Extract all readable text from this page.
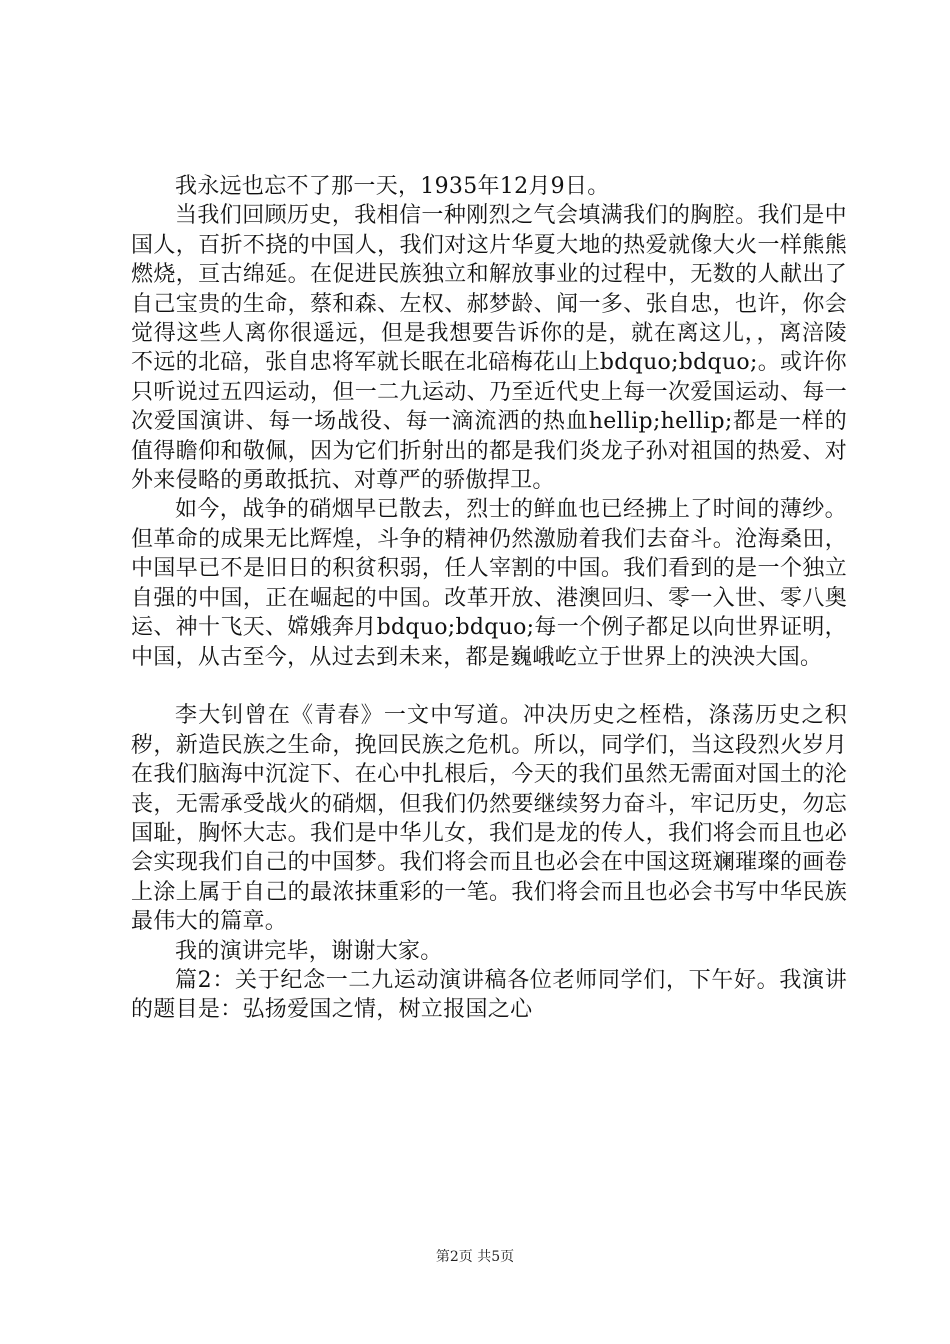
我永远也忘不了那一天，1935年12月9日。

当我们回顾历史，我相信一种刚烈之气会填满我们的胸腔。我们是中国人，百折不挠的中国人，我们对这片华夏大地的热爱就像大火一样熊熊燃烧，亘古绵延。在促进民族独立和解放事业的过程中，无数的人献出了自己宝贵的生命，蔡和森、左权、郝梦龄、闻一多、张自忠，也许，你会觉得这些人离你很遥远，但是我想要告诉你的是，就在离这儿，，离涪陵不远的北碚，张自忠将军就长眠在北碚梅花山上bdquo;bdquo;。或许你只听说过五四运动，但一二九运动、乃至近代史上每一次爱国运动、每一次爱国演讲、每一场战役、每一滴流洒的热血hellip;hellip;都是一样的值得瞻仰和敬佩，因为它们折射出的都是我们炎龙子孙对祖国的热爱、对外来侵略的勇敢抵抗、对尊严的骄傲捍卫。

如今，战争的硝烟早已散去，烈士的鲜血也已经拂上了时间的薄纱。但革命的成果无比辉煌，斗争的精神仍然激励着我们去奋斗。沧海桑田，中国早已不是旧日的积贫积弱，任人宰割的中国。我们看到的是一个独立自强的中国，正在崛起的中国。改革开放、港澳回归、零一入世、零八奥运、神十飞天、嫦娥奔月bdquo;bdquo;每一个例子都足以向世界证明，中国，从古至今，从过去到未来，都是巍峨屹立于世界上的泱泱大国。

李大钊曾在《青春》一文中写道。冲决历史之桎梏，涤荡历史之积秽，新造民族之生命，挽回民族之危机。所以，同学们，当这段烈火岁月在我们脑海中沉淀下、在心中扎根后，今天的我们虽然无需面对国土的沦丧，无需承受战火的硝烟，但我们仍然要继续努力奋斗，牢记历史，勿忘国耻，胸怀大志。我们是中华儿女，我们是龙的传人，我们将会而且也必会实现我们自己的中国梦。我们将会而且也必会在中国这斑斓璀璨的画卷上涂上属于自己的最浓抹重彩的一笔。我们将会而且也必会书写中华民族最伟大的篇章。

我的演讲完毕，谢谢大家。

篇2：关于纪念一二九运动演讲稿各位老师同学们，下午好。我演讲的题目是：弘扬爱国之情，树立报国之心

第2页 共5页
